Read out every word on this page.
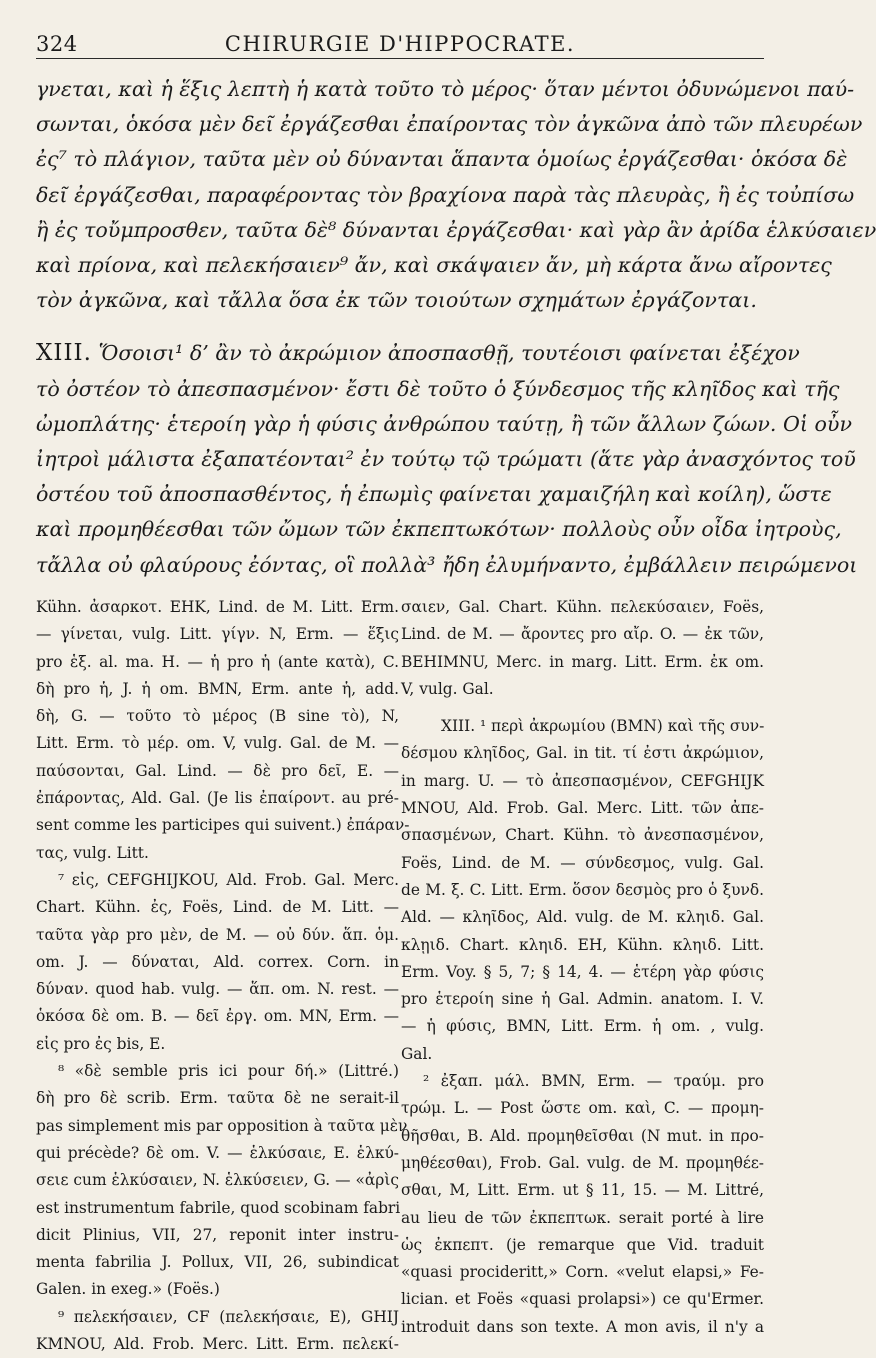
324	CHIRURGIE D'HIPPOCRATE.
γνεται, καὶ ἡ ἕξις λεπτὴ ἡ κατὰ τοῦτο τὸ μέρος· ὅταν μέντοι ὀδυνώμενοι παύ-
σωνται, ὁκόσα μὲν δεῖ ἐργάζεσθαι ἐπαίροντας τὸν ἀγκῶνα ἀπὸ τῶν πλευρέων
ἐς⁷ τὸ πλάγιον, ταῦτα μὲν οὐ δύνανται ἅπαντα ὁμοίως ἐργάζεσθαι· ὁκόσα δὲ
δεῖ ἐργάζεσθαι, παραφέροντας τὸν βραχίονα παρὰ τὰς πλευρὰς, ἢ ἐς τοὐπίσω
ἢ ἐς τοὔμπροσθεν, ταῦτα δὲ⁸ δύνανται ἐργάζεσθαι· καὶ γὰρ ἂν ἀρίδα ἑλκύσαιεν
καὶ πρίονα, καὶ πελεκήσαιεν⁹ ἄν, καὶ σκάψαιεν ἄν, μὴ κάρτα ἄνω αἴροντες
τὸν ἀγκῶνα, καὶ τἄλλα ὅσα ἐκ τῶν τοιούτων σχημάτων ἐργάζονται.
XIII. Ὅσοισι¹ δ’ ἂν τὸ ἀκρώμιον ἀποσπασθῇ, τουτέοισι φαίνεται ἐξέχον
τὸ ὀστέον τὸ ἀπεσπασμένον· ἔστι δὲ τοῦτο ὁ ξύνδεσμος τῆς κληῖδος καὶ τῆς
ὠμοπλάτης· ἑτεροίη γὰρ ἡ φύσις ἀνθρώπου ταύτῃ, ἢ τῶν ἄλλων ζώων. Οἱ οὖν
ἰητροὶ μάλιστα ἐξαπατέονται² ἐν τούτῳ τῷ τρώματι (ἅτε γὰρ ἀνασχόντος τοῦ
ὀστέου τοῦ ἀποσπασθέντος, ἡ ἐπωμὶς φαίνεται χαμαιζήλη καὶ κοίλη), ὥστε
καὶ προμηθέεσθαι τῶν ὤμων τῶν ἐκπεπτωκότων· πολλοὺς οὖν οἶδα ἰητροὺς,
τἄλλα οὐ φλαύρους ἐόντας, οἳ πολλὰ³ ἤδη ἐλυμήναντο, ἐμβάλλειν πειρώμενοι
Kühn. ἀσαρκοτ. EHK, Lind. de M. Litt. Erm.
— γίνεται, vulg. Litt. γίγν. N, Erm. — ἕξις
pro ἑξ. al. ma. H. — ἡ pro ἡ (ante κατὰ), C.
δὴ pro ἡ, J. ἡ om. BMN, Erm. ante ἡ, add.
δὴ, G. — τοῦτο τὸ μέρος (B sine τὸ), N,
Litt. Erm. τὸ μέρ. om. V, vulg. Gal. de M. —
παύσονται, Gal. Lind. — δὲ pro δεῖ, E. —
ἐπάροντας, Ald. Gal. (Je lis ἐπαίροντ. au pré-
sent comme les participes qui suivent.) ἐπάραν-
τας, vulg. Litt.
⁷ εἰς, CEFGHIJKOU, Ald. Frob. Gal. Merc.
Chart. Kühn. ἐς, Foës, Lind. de M. Litt. —
ταῦτα γὰρ pro μὲν, de M. — οὐ δύν. ἅπ. ὁμ.
om. J. — δύναται, Ald. correx. Corn. in
δύναν. quod hab. vulg. — ἅπ. om. N. rest. —
ὁκόσα δὲ om. B. — δεῖ ἐργ. om. MN, Erm. —
εἰς pro ἐς bis, E.
⁸ «δὲ semble pris ici pour δή.» (Littré.)
δὴ pro δὲ scrib. Erm. ταῦτα δὲ ne serait-il
pas simplement mis par opposition à ταῦτα μὲν
qui précède? δὲ om. V. — ἑλκύσαιε, E. ἑλκύ-
σειε cum ἑλκύσαιεν, N. ἑλκύσειεν, G. — «ἀρὶς
est instrumentum fabrile, quod scobinam fabri
dicit Plinius, VII, 27, reponit inter instru-
menta fabrilia J. Pollux, VII, 26, subindicat
Galen. in exeg.» (Foës.)
⁹ πελεκήσαιεν, CF (πελεκήσαιε, E), GHIJ
KMNOU, Ald. Frob. Merc. Litt. Erm. πελεκί-
σαιεν, Gal. Chart. Kühn. πελεκύσαιεν, Foës,
Lind. de M. — ἄροντες pro αἴρ. O. — ἐκ τῶν,
BEHIMNU, Merc. in marg. Litt. Erm. ἐκ om.
V, vulg. Gal.
XIII. ¹ περὶ ἀκρωμίου (BMN) καὶ τῆς συν-
δέσμου κληῖδος, Gal. in tit. τί ἐστι ἀκρώμιον,
in marg. U. — τὸ ἀπεσπασμένον, CEFGHIJK
MNOU, Ald. Frob. Gal. Merc. Litt. τῶν ἀπε-
σπασμένων, Chart. Kühn. τὸ ἀνεσπασμένον,
Foës, Lind. de M. — σύνδεσμος, vulg. Gal.
de M. ξ. C. Litt. Erm. ὅσον δεσμὸς pro ὁ ξυνδ.
Ald. — κληῖδος, Ald. vulg. de M. κληιδ. Gal.
κλῃιδ. Chart. κληιδ. EH, Kühn. κληιδ. Litt.
Erm. Voy. § 5, 7; § 14, 4. — ἑτέρη γὰρ φύσις
pro ἑτεροίη sine ἡ Gal. Admin. anatom. I. V.
— ἡ φύσις, BMN, Litt. Erm. ἡ om. , vulg.
Gal.
² ἐξαπ. μάλ. BMN, Erm. — τραύμ. pro
τρώμ. L. — Post ὥστε om. καὶ, C. — προμη-
θῆσθαι, B. Ald. προμηθεῖσθαι (N mut. in προ-
μηθέεσθαι), Frob. Gal. vulg. de M. προμηθέε-
σθαι, M, Litt. Erm. ut § 11, 15. — M. Littré,
au lieu de τῶν ἐκπεπτωκ. serait porté à lire
ὡς ἐκπεπτ. (je remarque que Vid. traduit
«quasi procideritt,» Corn. «velut elapsi,» Fe-
lician. et Foës «quasi prolapsi») ce qu'Ermer.
introduit dans son texte. A mon avis, il n'y a
